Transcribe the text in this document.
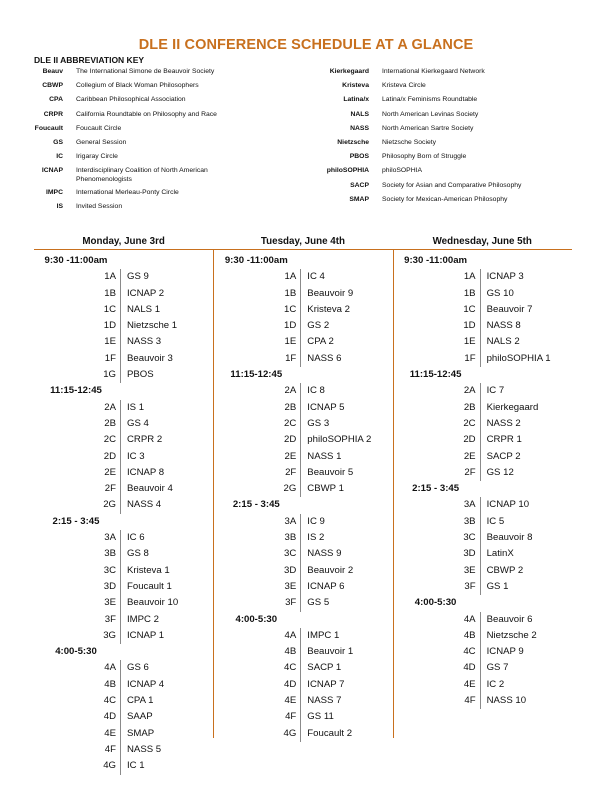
DLE II CONFERENCE SCHEDULE AT A GLANCE
DLE II ABBREVIATION KEY
Beauv	The International Simone de Beauvoir Society
CBWP	Collegium of Black Woman Philosophers
CPA	Caribbean Philosophical Association
CRPR	California Roundtable on Philosophy and Race
Foucault	Foucault Circle
GS	General Session
IC	Irigaray Circle
ICNAP	Interdisciplinary Coalition of North American Phenomenologists
IMPC	International Merleau-Ponty Circle
IS	Invited Session
Kierkegaard	International Kierkegaard Network
Kristeva	Kristeva Circle
Latina/x	Latina/x Feminisms Roundtable
NALS	North American Levinas Society
NASS	North American Sartre Society
Nietzsche	Nietzsche Society
PBOS	Philosophy Born of Struggle
philoSOPHIA	philoSOPHIA
SACP	Society for Asian and Comparative Philosophy
SMAP	Society for Mexican-American Philosophy
Monday, June 3rd	Tuesday, June 4th	Wednesday, June 5th
9:30 -11:00am
1A	GS 9
1B	ICNAP 2
1C	NALS 1
1D	Nietzsche 1
1E	NASS 3
1F	Beauvoir 3
1G	PBOS
11:15-12:45
2A	IS 1
2B	GS 4
2C	CRPR 2
2D	IC 3
2E	ICNAP 8
2F	Beauvoir 4
2G	NASS 4
2:15 - 3:45
3A	IC 6
3B	GS 8
3C	Kristeva 1
3D	Foucault 1
3E	Beauvoir 10
3F	IMPC 2
3G	ICNAP 1
4:00-5:30
4A	GS 6
4B	ICNAP 4
4C	CPA 1
4D	SAAP
4E	SMAP
4F	NASS 5
4G	IC 1
9:30 -11:00am
1A	IC 4
1B	Beauvoir 9
1C	Kristeva 2
1D	GS 2
1E	CPA 2
1F	NASS 6
11:15-12:45
2A	IC 8
2B	ICNAP 5
2C	GS 3
2D	philoSOPHIA 2
2E	NASS 1
2F	Beauvoir 5
2G	CBWP 1
2:15 - 3:45
3A	IC 9
3B	IS 2
3C	NASS 9
3D	Beauvoir 2
3E	ICNAP 6
3F	GS 5
4:00-5:30
4A	IMPC 1
4B	Beauvoir 1
4C	SACP 1
4D	ICNAP 7
4E	NASS 7
4F	GS 11
4G	Foucault 2
9:30 -11:00am
1A	ICNAP 3
1B	GS 10
1C	Beauvoir 7
1D	NASS 8
1E	NALS 2
1F	philoSOPHIA 1
11:15-12:45
2A	IC 7
2B	Kierkegaard
2C	NASS 2
2D	CRPR 1
2E	SACP 2
2F	GS 12
2:15 - 3:45
3A	ICNAP 10
3B	IC 5
3C	Beauvoir 8
3D	LatinX
3E	CBWP 2
3F	GS 1
4:00-5:30
4A	Beauvoir 6
4B	Nietzsche 2
4C	ICNAP 9
4D	GS 7
4E	IC 2
4F	NASS 10
